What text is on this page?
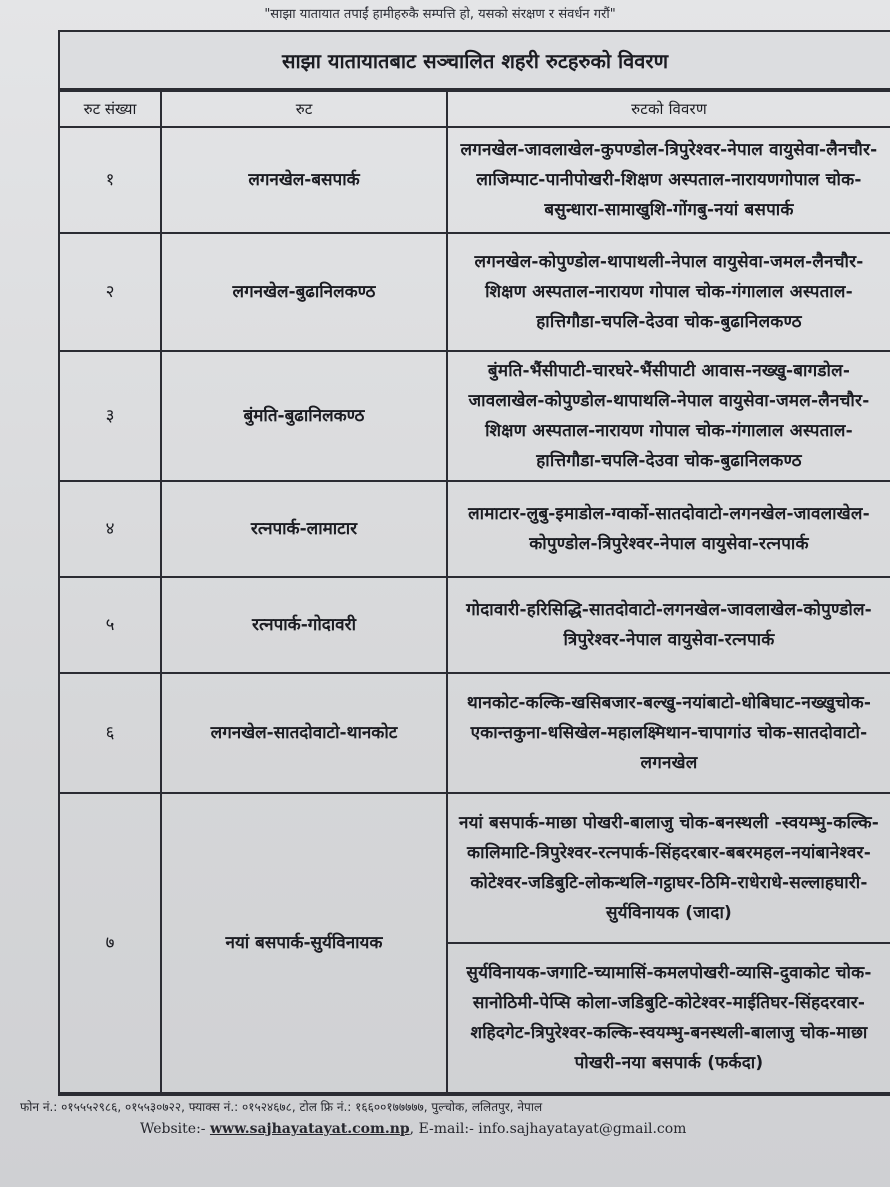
"साझा यातायात तपाईं हामीहरुकै सम्पत्ति हो, यसको संरक्षण र संवर्धन गरौं"
साझा यातायातबाट सञ्चालित शहरी रुटहरुको विवरण
रुट संख्या	रुट	रुटको विवरण
१	लगनखेल-बसपार्क	लगनखेल-जावलाखेल-कुपण्डोल-त्रिपुरेश्वर-नेपाल वायुसेवा-लैनचौर-लाजिम्पाट-पानीपोखरी-शिक्षण अस्पताल-नारायणगोपाल चोक-बसुन्धारा-सामाखुशि-गोंगबु-नयां बसपार्क
२	लगनखेल-बुढानिलकण्ठ	लगनखेल-कोपुण्डोल-थापाथली-नेपाल वायुसेवा-जमल-लैनचौर-शिक्षण अस्पताल-नारायण गोपाल चोक-गंगालाल अस्पताल-हात्तिगौडा-चपलि-देउवा चोक-बुढानिलकण्ठ
३	बुंमति-बुढानिलकण्ठ	बुंमति-भैंसीपाटी-चारघरे-भैंसीपाटी आवास-नख्खु-बागडोल-जावलाखेल-कोपुण्डोल-थापाथलि-नेपाल वायुसेवा-जमल-लैनचौर-शिक्षण अस्पताल-नारायण गोपाल चोक-गंगालाल अस्पताल-हात्तिगौडा-चपलि-देउवा चोक-बुढानिलकण्ठ
४	रत्नपार्क-लामाटार	लामाटार-लुबु-इमाडोल-ग्वार्को-सातदोवाटो-लगनखेल-जावलाखेल-कोपुण्डोल-त्रिपुरेश्वर-नेपाल वायुसेवा-रत्नपार्क
५	रत्नपार्क-गोदावरी	गोदावारी-हरिसिद्धि-सातदोवाटो-लगनखेल-जावलाखेल-कोपुण्डोल-त्रिपुरेश्वर-नेपाल वायुसेवा-रत्नपार्क
६	लगनखेल-सातदोवाटो-थानकोट	थानकोट-कल्कि-खसिबजार-बल्खु-नयांबाटो-धोबिघाट-नख्खुचोक-एकान्तकुना-धसिखेल-महालक्ष्मिथान-चापागांउ चोक-सातदोवाटो-लगनखेल
७	नयां बसपार्क-सुर्यविनायक	नयां बसपार्क-माछा पोखरी-बालाजु चोक-बनस्थली -स्वयम्भु-कल्कि-कालिमाटि-त्रिपुरेश्वर-रत्नपार्क-सिंहदरबार-बबरमहल-नयांबानेश्वर-कोटेश्वर-जडिबुटि-लोकन्थलि-गट्ठाघर-ठिमि-राधेराधे-सल्लाहघारी-सुर्यविनायक (जादा)
		सुर्यविनायक-जगाटि-च्यामासिं-कमलपोखरी-व्यासि-दुवाकोट चोक-सानोठिमी-पेप्सि कोला-जडिबुटि-कोटेश्वर-माईतिघर-सिंहदरवार-शहिदगेट-त्रिपुरेश्वर-कल्कि-स्वयम्भु-बनस्थली-बालाजु चोक-माछा पोखरी-नया बसपार्क (फर्कदा)
फोन नं.: ०१५५५२९८६, ०१५५३०७२२, फ्याक्स नं.: ०१५२४६७८, टोल फ्रि नं.: १६६००१७७७७७, पुल्चोक, ललितपुर, नेपाल
Website:- www.sajhayatayat.com.np, E-mail:- info.sajhayatayat@gmail.com
